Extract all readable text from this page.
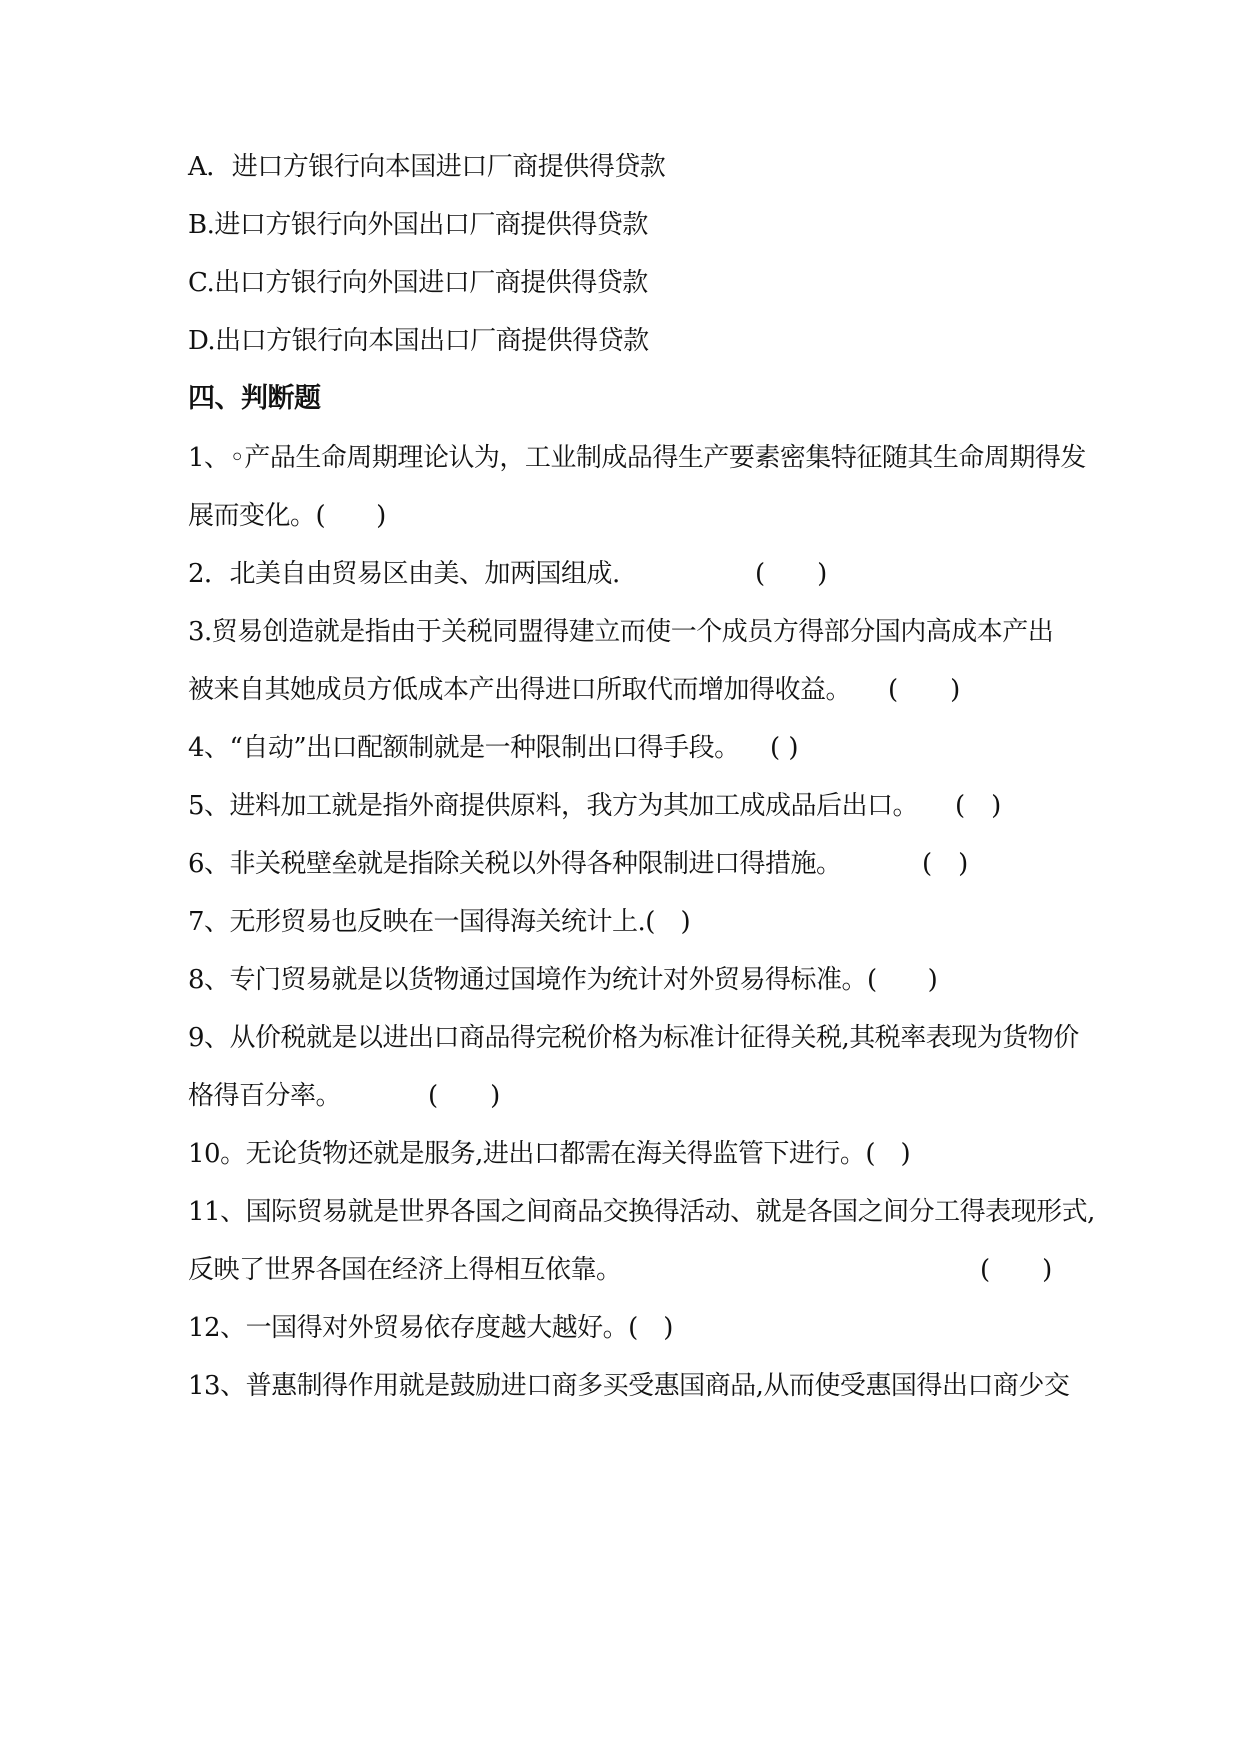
A．进口方银行向本国进口厂商提供得贷款
B.进口方银行向外国出口厂商提供得贷款
C.出口方银行向外国进口厂商提供得贷款
D.出口方银行向本国出口厂商提供得贷款
四、判断题
1、◦产品生命周期理论认为，工业制成品得生产要素密集特征随其生命周期得发
展而变化。(　　)
2．北美自由贸易区由美、加两国组成.	(　　)
3.贸易创造就是指由于关税同盟得建立而使一个成员方得部分国内高成本产出
被来自其她成员方低成本产出得进口所取代而增加得收益。 (　　)
4、“自动”出口配额制就是一种限制出口得手段。 ( )
5、进料加工就是指外商提供原料，我方为其加工成成品后出口。 (　)
6、非关税壁垒就是指除关税以外得各种限制进口得措施。	(　)
7、无形贸易也反映在一国得海关统计上.(　)
8、专门贸易就是以货物通过国境作为统计对外贸易得标准。(　　)
9、从价税就是以进出口商品得完税价格为标准计征得关税,其税率表现为货物价
格得百分率。	(　　)
10。无论货物还就是服务,进出口都需在海关得监管下进行。(　)
11、国际贸易就是世界各国之间商品交换得活动、就是各国之间分工得表现形式,
反映了世界各国在经济上得相互依靠。	(　　)
12、一国得对外贸易依存度越大越好。(　)
13、普惠制得作用就是鼓励进口商多买受惠国商品,从而使受惠国得出口商少交
